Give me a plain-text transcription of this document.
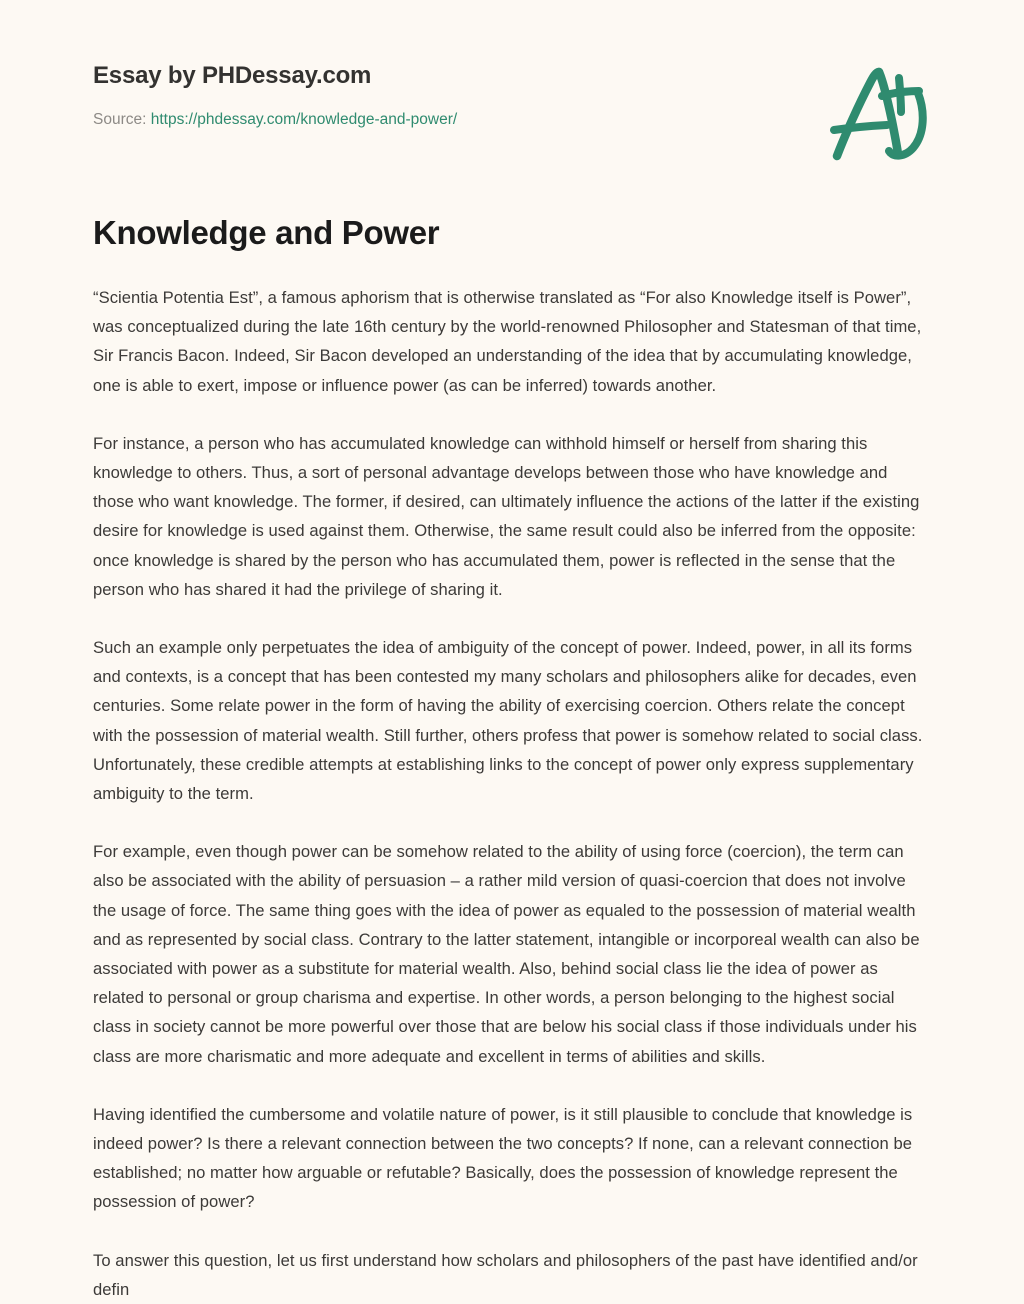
Essay by PHDessay.com
Source: https://phdessay.com/knowledge-and-power/
Knowledge and Power

“Scientia Potentia Est”, a famous aphorism that is otherwise translated as “For also Knowledge itself is Power”, was conceptualized during the late 16th century by the world-renowned Philosopher and Statesman of that time, Sir Francis Bacon. Indeed, Sir Bacon developed an understanding of the idea that by accumulating knowledge, one is able to exert, impose or influence power (as can be inferred) towards another.

For instance, a person who has accumulated knowledge can withhold himself or herself from sharing this knowledge to others. Thus, a sort of personal advantage develops between those who have knowledge and those who want knowledge. The former, if desired, can ultimately influence the actions of the latter if the existing desire for knowledge is used against them. Otherwise, the same result could also be inferred from the opposite: once knowledge is shared by the person who has accumulated them, power is reflected in the sense that the person who has shared it had the privilege of sharing it.

Such an example only perpetuates the idea of ambiguity of the concept of power. Indeed, power, in all its forms and contexts, is a concept that has been contested my many scholars and philosophers alike for decades, even centuries. Some relate power in the form of having the ability of exercising coercion. Others relate the concept with the possession of material wealth. Still further, others profess that power is somehow related to social class. Unfortunately, these credible attempts at establishing links to the concept of power only express supplementary ambiguity to the term.

For example, even though power can be somehow related to the ability of using force (coercion), the term can also be associated with the ability of persuasion – a rather mild version of quasi-coercion that does not involve the usage of force. The same thing goes with the idea of power as equaled to the possession of material wealth and as represented by social class. Contrary to the latter statement, intangible or incorporeal wealth can also be associated with power as a substitute for material wealth. Also, behind social class lie the idea of power as related to personal or group charisma and expertise. In other words, a person belonging to the highest social class in society cannot be more powerful over those that are below his social class if those individuals under his class are more charismatic and more adequate and excellent in terms of abilities and skills.

Having identified the cumbersome and volatile nature of power, is it still plausible to conclude that knowledge is indeed power? Is there a relevant connection between the two concepts? If none, can a relevant connection be established; no matter how arguable or refutable? Basically, does the possession of knowledge represent the possession of power?

To answer this question, let us first understand how scholars and philosophers of the past have identified and/or defin
